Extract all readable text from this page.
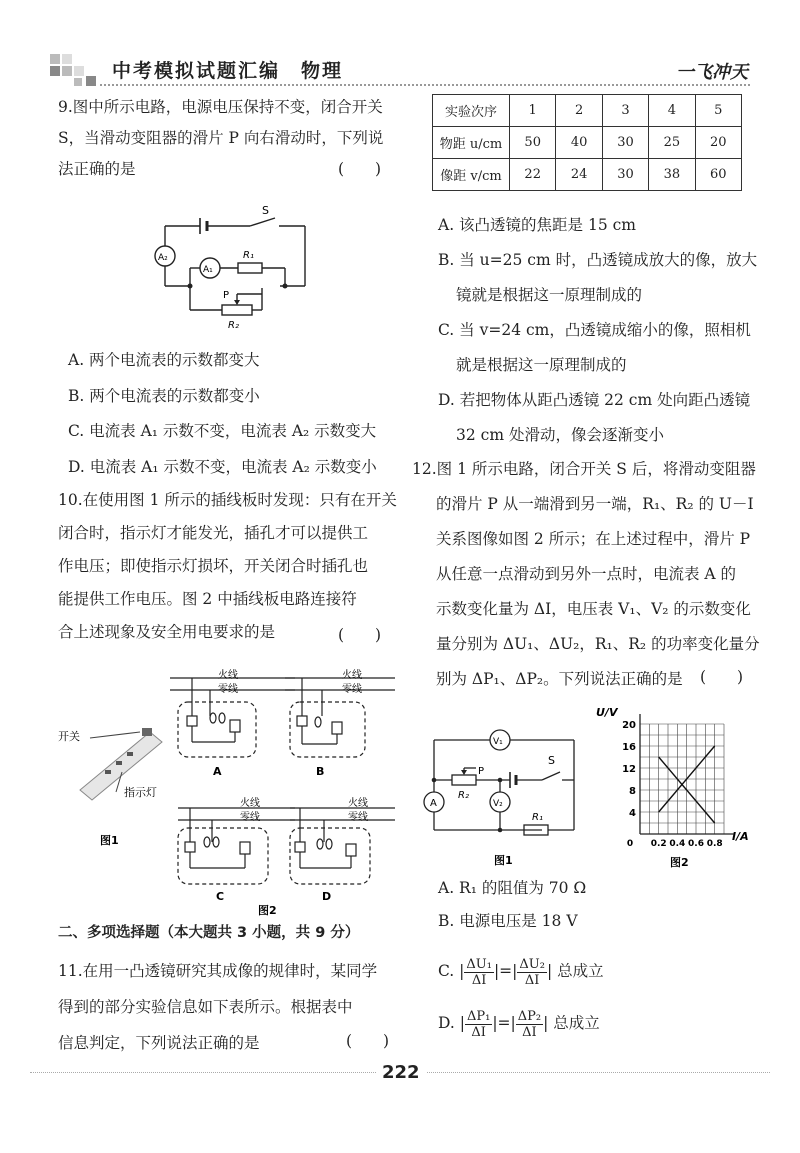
中考模拟试题汇编　物理	一飞冲天
9.图中所示电路，电源电压保持不变，闭合开关
S，当滑动变阻器的滑片 P 向右滑动时，下列说
法正确的是	(　　)
S
A₂
A₁
R₁
P
R₂
A. 两个电流表的示数都变大
B. 两个电流表的示数都变小
C. 电流表 A₁ 示数不变，电流表 A₂ 示数变大
D. 电流表 A₁ 示数不变，电流表 A₂ 示数变小
10.在使用图 1 所示的插线板时发现：只有在开关
闭合时，指示灯才能发光，插孔才可以提供工
作电压；即使指示灯损坏，开关闭合时插孔也
能提供工作电压。图 2 中插线板电路连接符
合上述现象及安全用电要求的是	(　　)
开关
指示灯
图1
火线
零线
A
火线
零线
B
火线
零线
C
火线
零线
D
图2
二、多项选择题（本大题共 3 小题，共 9 分）
11.在用一凸透镜研究其成像的规律时，某同学
得到的部分实验信息如下表所示。根据表中
信息判定，下列说法正确的是	(　　)
实验次序	1	2	3	4	5
物距 u/cm	50	40	30	25	20
像距 v/cm	22	24	30	38	60
A. 该凸透镜的焦距是 15 cm
B. 当 u=25 cm 时，凸透镜成放大的像，放大
镜就是根据这一原理制成的
C. 当 v=24 cm，凸透镜成缩小的像，照相机
就是根据这一原理制成的
D. 若把物体从距凸透镜 22 cm 处向距凸透镜
32 cm 处滑动，像会逐渐变小
12.图 1 所示电路，闭合开关 S 后，将滑动变阻器
的滑片 P 从一端滑到另一端，R₁、R₂ 的 U－I
关系图像如图 2 所示；在上述过程中，滑片 P
从任意一点滑动到另外一点时，电流表 A 的
示数变化量为 ΔI，电压表 V₁、V₂ 的示数变化
量分别为 ΔU₁、ΔU₂，R₁、R₂ 的功率变化量分
别为 ΔP₁、ΔP₂。下列说法正确的是	(　　)
V₁
V₂
A
P
R₂
R₁
S
图1
U/V
I/A
图2
4
8
12
16
20
0 0.2 0.4 0.6 0.8
A. R₁ 的阻值为 70 Ω
B. 电源电压是 18 V
C. | $\frac{\text{ΔU₁}}{\Delta I}$ |=| $\frac{\text{ΔU₂}}{\Delta I}$ | 总成立
D. | $\frac{\text{ΔP₁}}{\Delta I}$ |=| $\frac{\text{ΔP₂}}{\Delta I}$ | 总成立
222
